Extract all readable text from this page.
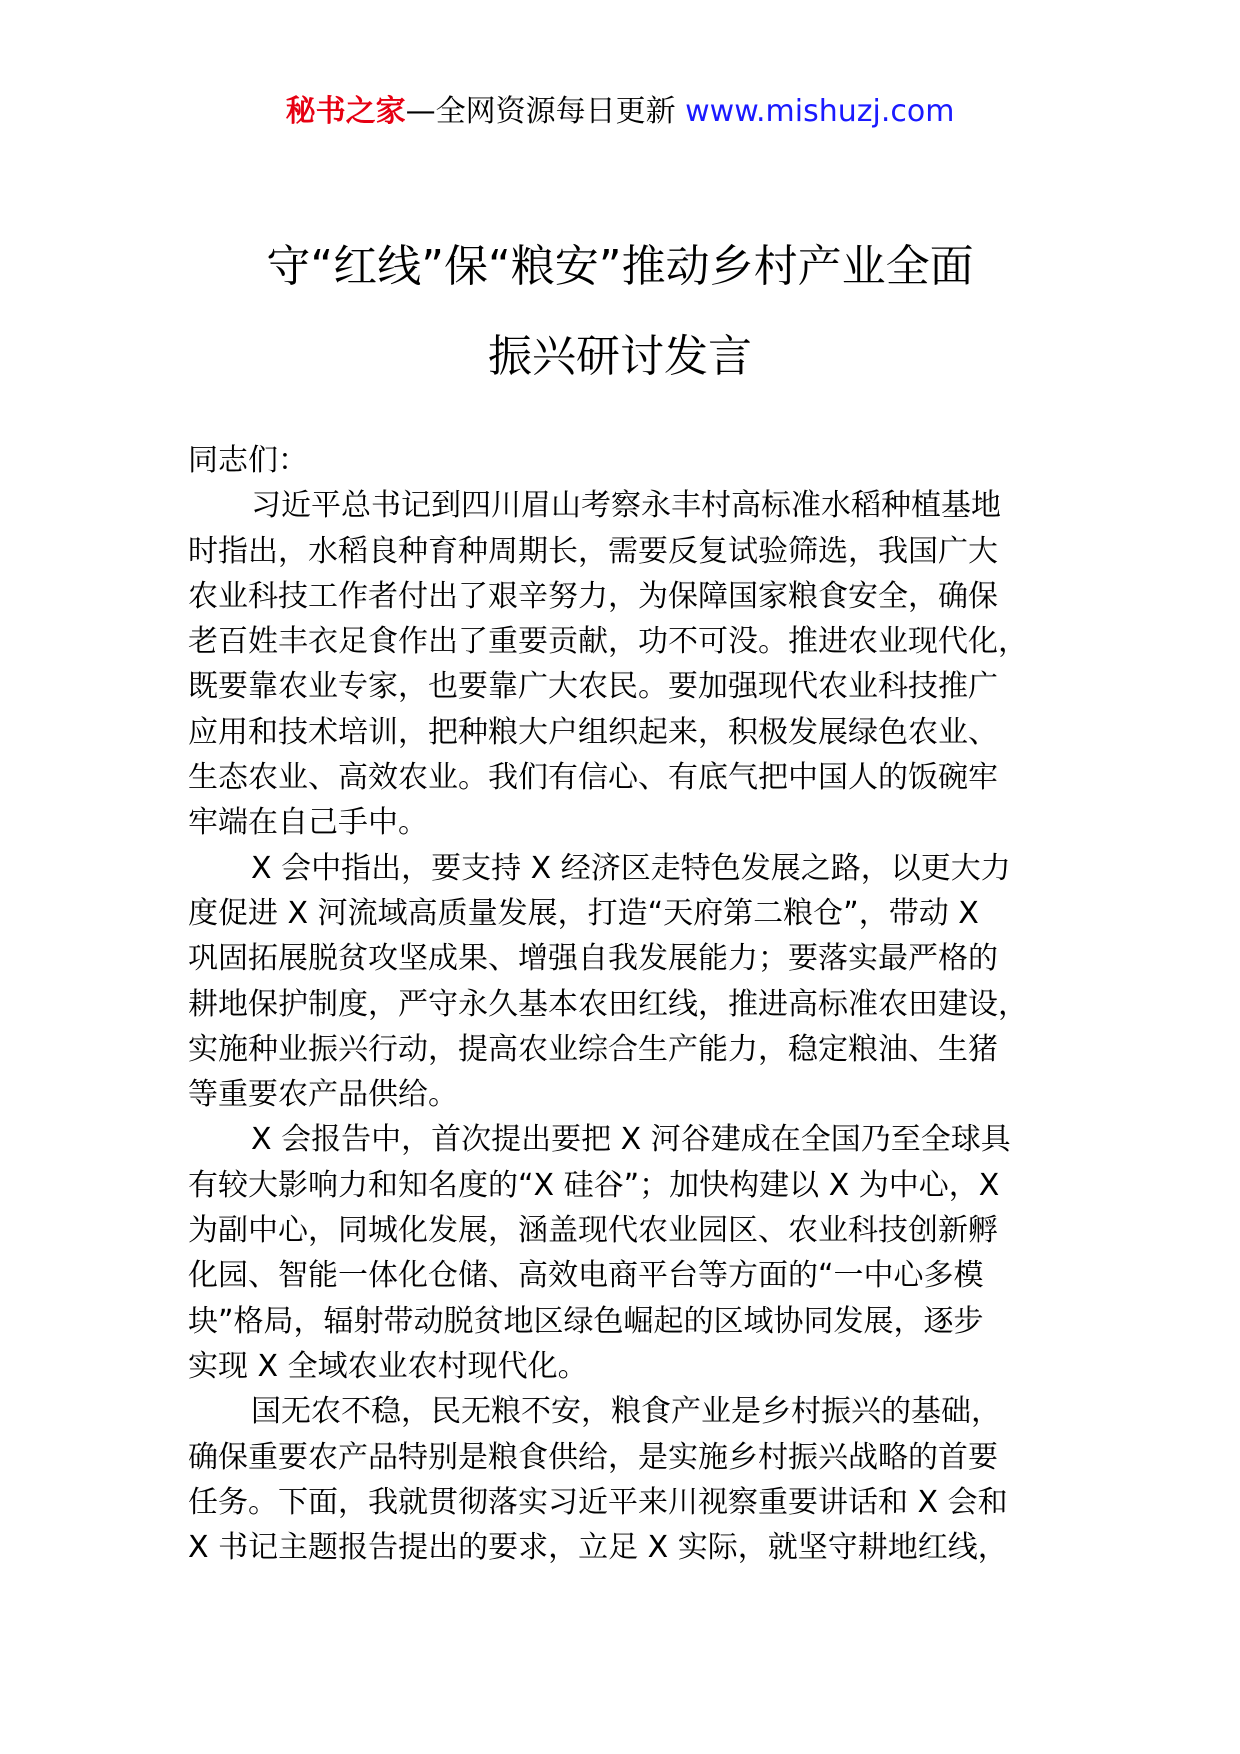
秘书之家—全网资源每日更新 www.mishuzj.com
守“红线”保“粮安”推动乡村产业全面
振兴研讨发言

同志们：

习近平总书记到四川眉山考察永丰村高标准水稻种植基地
时指出，水稻良种育种周期长，需要反复试验筛选，我国广大
农业科技工作者付出了艰辛努力，为保障国家粮食安全，确保
老百姓丰衣足食作出了重要贡献，功不可没。推进农业现代化，
既要靠农业专家，也要靠广大农民。要加强现代农业科技推广
应用和技术培训，把种粮大户组织起来，积极发展绿色农业、
生态农业、高效农业。我们有信心、有底气把中国人的饭碗牢
牢端在自己手中。

X 会中指出，要支持 X 经济区走特色发展之路，以更大力
度促进 X 河流域高质量发展，打造“天府第二粮仓”，带动 X
巩固拓展脱贫攻坚成果、增强自我发展能力；要落实最严格的
耕地保护制度，严守永久基本农田红线，推进高标准农田建设，
实施种业振兴行动，提高农业综合生产能力，稳定粮油、生猪
等重要农产品供给。

X 会报告中，首次提出要把 X 河谷建成在全国乃至全球具
有较大影响力和知名度的“X 硅谷”；加快构建以 X 为中心，X
为副中心，同城化发展，涵盖现代农业园区、农业科技创新孵
化园、智能一体化仓储、高效电商平台等方面的“一中心多模
块”格局，辐射带动脱贫地区绿色崛起的区域协同发展，逐步
实现 X 全域农业农村现代化。

国无农不稳，民无粮不安，粮食产业是乡村振兴的基础，
确保重要农产品特别是粮食供给，是实施乡村振兴战略的首要
任务。下面，我就贯彻落实习近平来川视察重要讲话和 X 会和
X 书记主题报告提出的要求，立足 X 实际，就坚守耕地红线，
